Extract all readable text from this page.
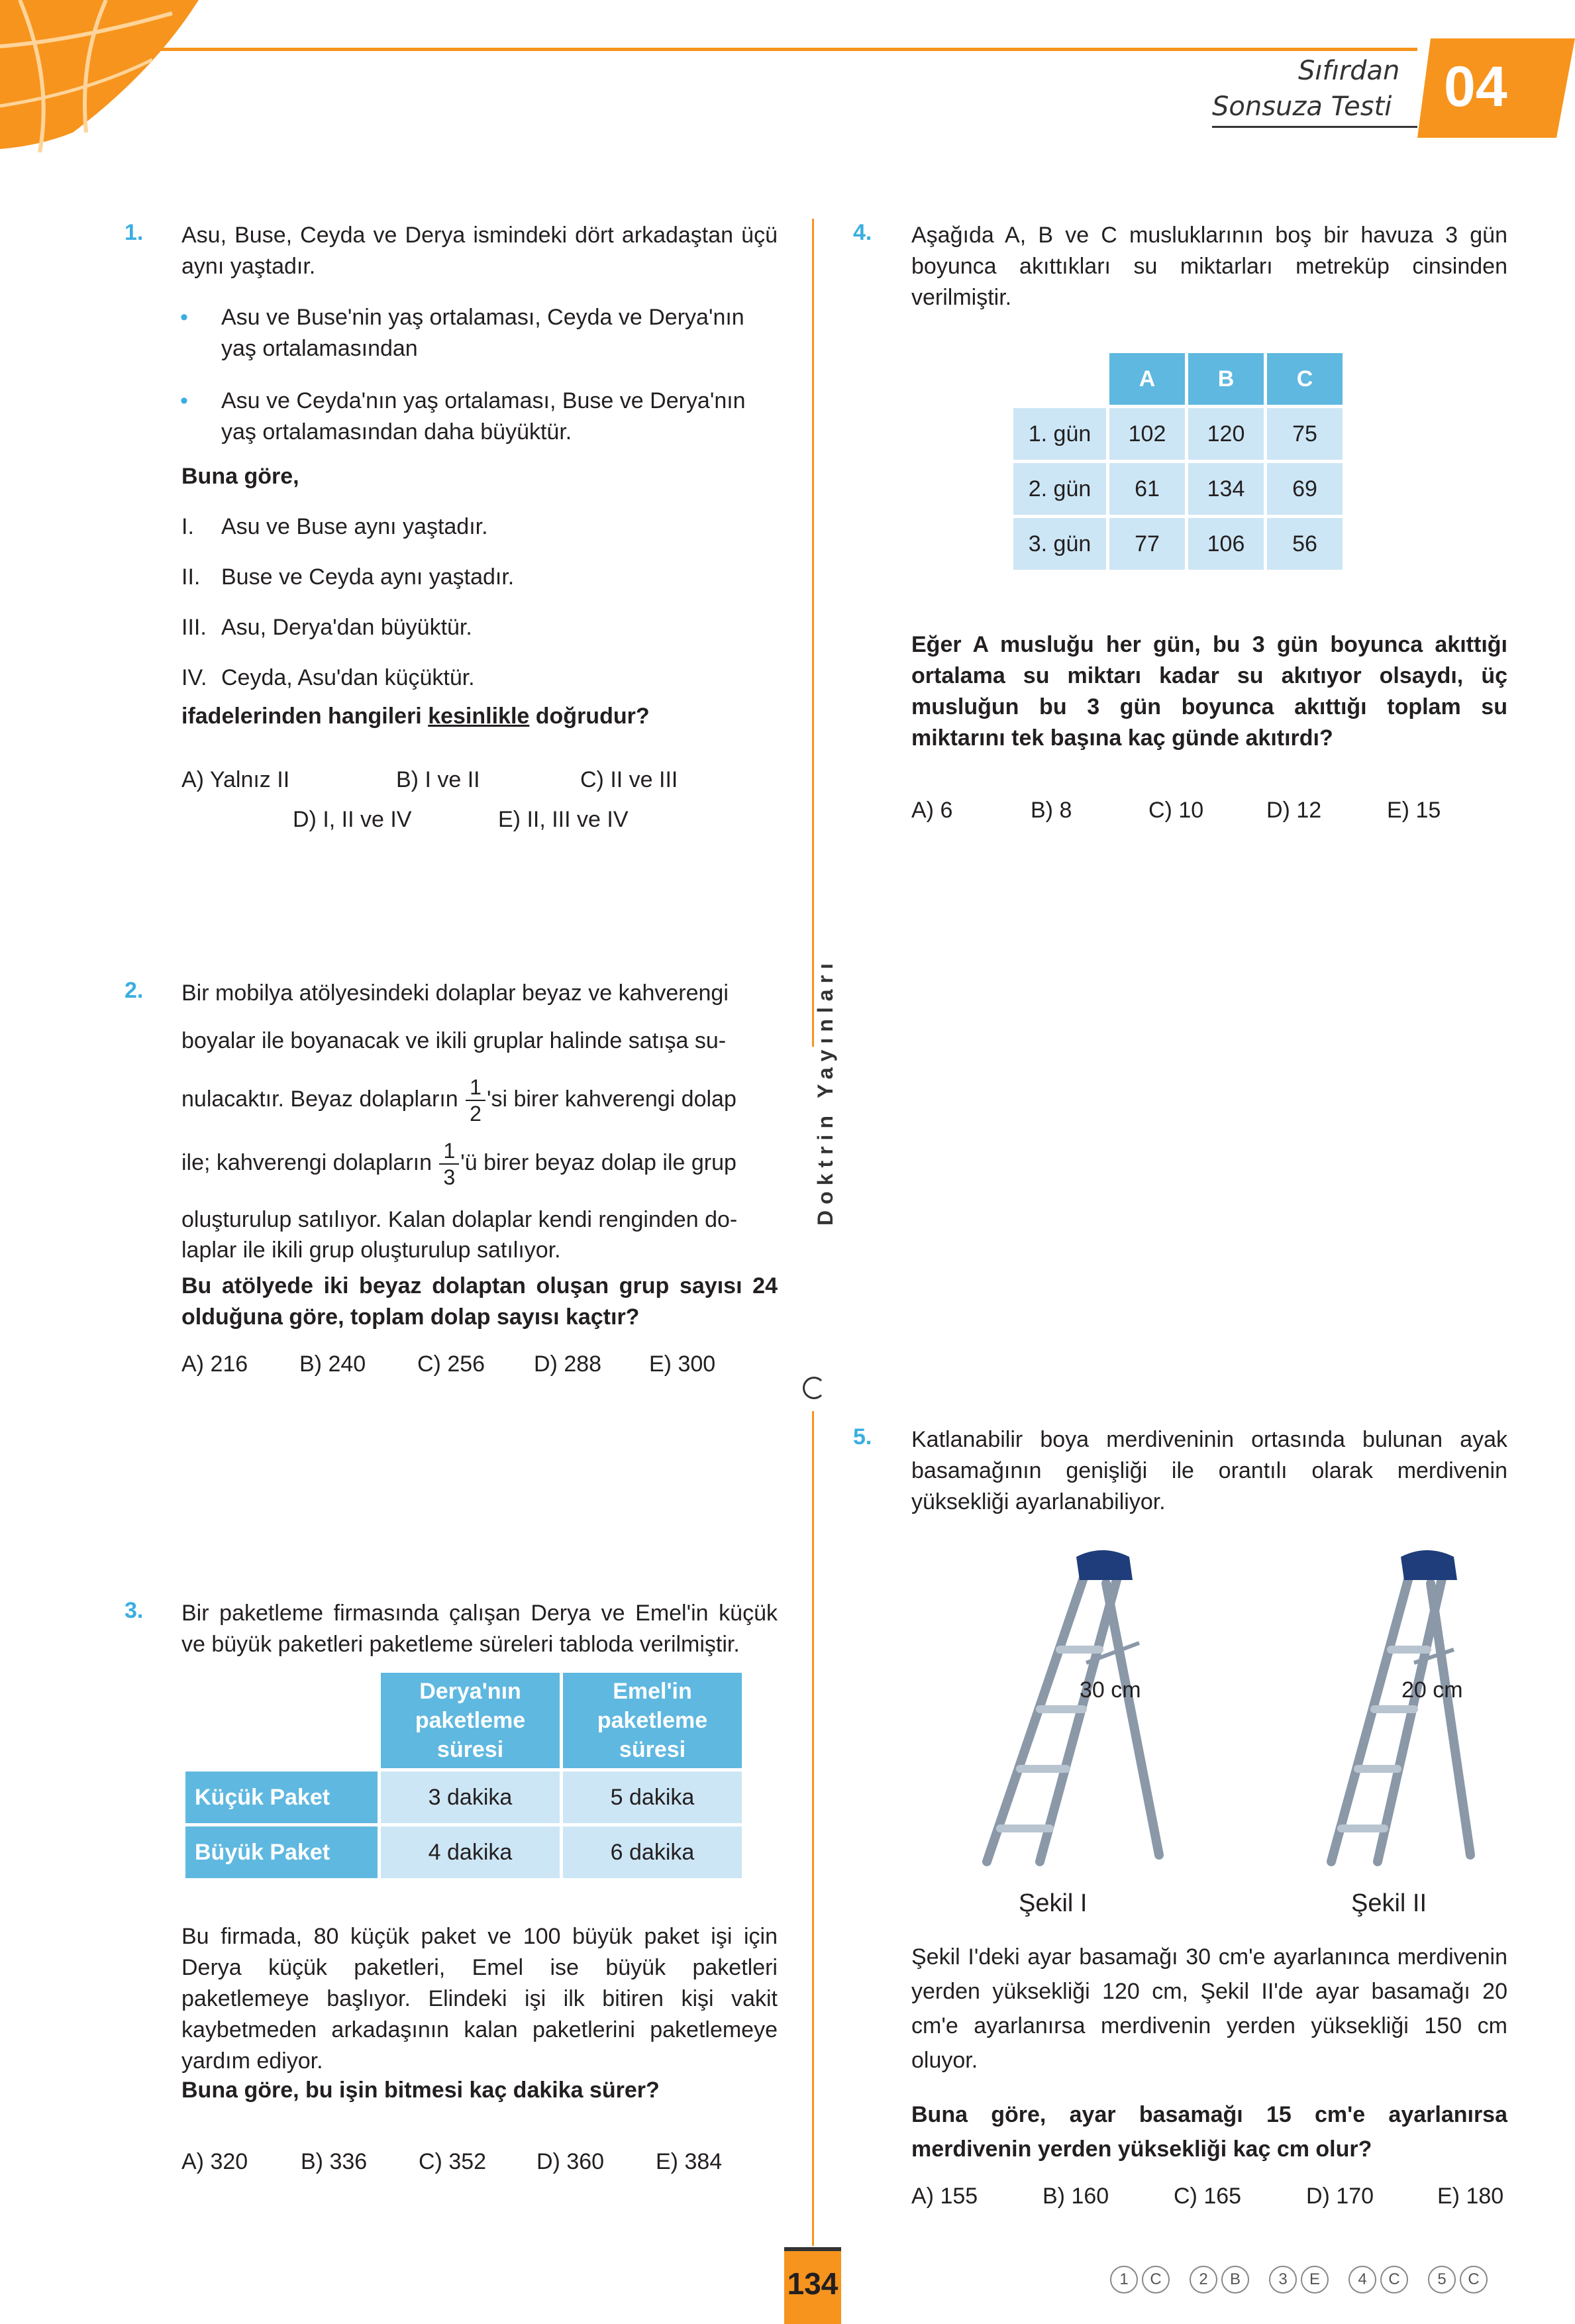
Sıfırdan
Sonsuza Testi 04
Doktrin Yayınları
1. Asu, Buse, Ceyda ve Derya ismindeki dört arkadaştan üçü aynı yaştadır.
• Asu ve Buse'nin yaş ortalaması, Ceyda ve Derya'nın yaş ortalamasından
• Asu ve Ceyda'nın yaş ortalaması, Buse ve Derya'nın yaş ortalamasından daha büyüktür.
Buna göre,
I. Asu ve Buse aynı yaştadır.
II. Buse ve Ceyda aynı yaştadır.
III. Asu, Derya'dan büyüktür.
IV. Ceyda, Asu'dan küçüktür.
ifadelerinden hangileri kesinlikle doğrudur?
A) Yalnız II	B) I ve II	C) II ve III
D) I, II ve IV	E) II, III ve IV
2. Bir mobilya atölyesindeki dolaplar beyaz ve kahverengi
boyalar ile boyanacak ve ikili gruplar halinde satışa su-
nulacaktır. Beyaz dolapların $\frac{1}{2}$ 'si birer kahverengi dolap
ile; kahverengi dolapların $\frac{1}{3}$ 'ü birer beyaz dolap ile grup
oluşturulup satılıyor. Kalan dolaplar kendi renginden do-
laplar ile ikili grup oluşturulup satılıyor.
Bu atölyede iki beyaz dolaptan oluşan grup sayısı 24 olduğuna göre, toplam dolap sayısı kaçtır?
A) 216 B) 240 C) 256 D) 288 E) 300
3. Bir paketleme firmasında çalışan Derya ve Emel'in küçük ve büyük paketleri paketleme süreleri tabloda verilmiştir.
	Derya'nın paketleme süresi	Emel'in paketleme süresi
Küçük Paket	3 dakika	5 dakika
Büyük Paket	4 dakika	6 dakika
Bu firmada, 80 küçük paket ve 100 büyük paket işi için Derya küçük paketleri, Emel ise büyük paketleri paketlemeye başlıyor. Elindeki işi ilk bitiren kişi vakit kaybetmeden arkadaşının kalan paketlerini paketlemeye yardım ediyor.
Buna göre, bu işin bitmesi kaç dakika sürer?
A) 320 B) 336 C) 352 D) 360 E) 384
4. Aşağıda A, B ve C musluklarının boş bir havuza 3 gün boyunca akıttıkları su miktarları metreküp cinsinden verilmiştir.
	A	B	C
1. gün	102	120	75
2. gün	61	134	69
3. gün	77	106	56
Eğer A musluğu her gün, bu 3 gün boyunca akıttığı ortalama su miktarı kadar su akıtıyor olsaydı, üç musluğun bu 3 gün boyunca akıttığı toplam su miktarını tek başına kaç günde akıtırdı?
A) 6	B) 8	C) 10	D) 12	E) 15
5. Katlanabilir boya merdiveninin ortasında bulunan ayak basamağının genişliği ile orantılı olarak merdivenin yüksekliği ayarlanabiliyor.
30 cm	20 cm
Şekil I	Şekil II
Şekil I'deki ayar basamağı 30 cm'e ayarlanınca merdivenin yerden yüksekliği 120 cm, Şekil II'de ayar basamağı 20 cm'e ayarlanırsa merdivenin yerden yüksekliği 150 cm oluyor.
Buna göre, ayar basamağı 15 cm'e ayarlanırsa merdivenin yerden yüksekliği kaç cm olur?
A) 155	B) 160	C) 165	D) 170	E) 180
134	1	C	2	B	3	E	4	C	5	C
